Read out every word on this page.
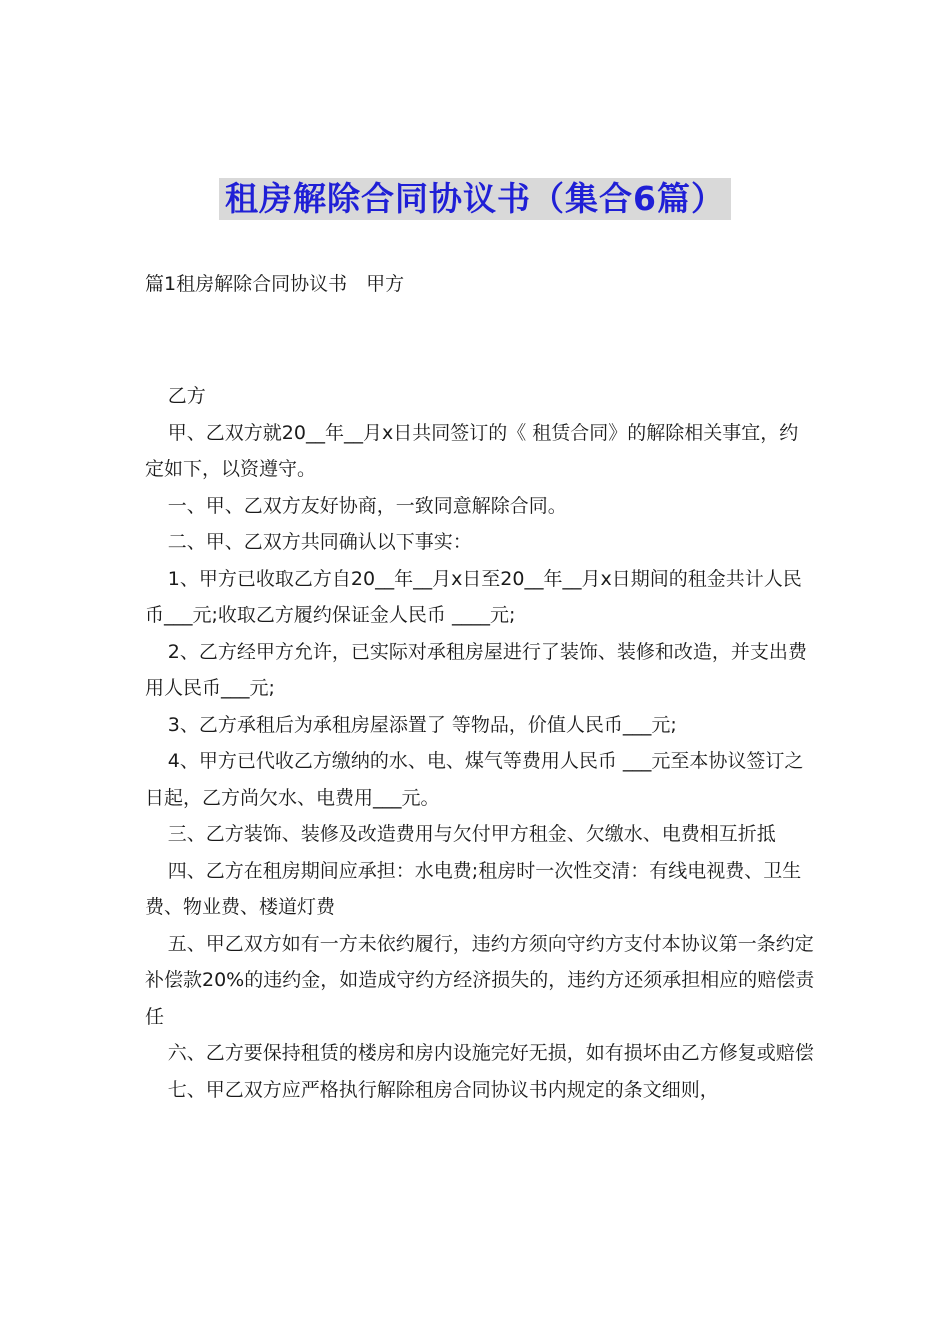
租房解除合同协议书（集合6篇）
篇1租房解除合同协议书　甲方

乙方

甲、乙双方就20__年__月x日共同签订的《 租赁合同》的解除相关事宜，约定如下，以资遵守。

一、甲、乙双方友好协商，一致同意解除合同。

二、甲、乙双方共同确认以下事实：

1、甲方已收取乙方自20__年__月x日至20__年__月x日期间的租金共计人民币___元;收取乙方履约保证金人民币 ____元;

2、乙方经甲方允许，已实际对承租房屋进行了装饰、装修和改造，并支出费用人民币___元;

3、乙方承租后为承租房屋添置了 等物品，价值人民币___元;

4、甲方已代收乙方缴纳的水、电、煤气等费用人民币 ___元至本协议签订之日起，乙方尚欠水、电费用___元。

三、乙方装饰、装修及改造费用与欠付甲方租金、欠缴水、电费相互折抵

四、乙方在租房期间应承担：水电费;租房时一次性交清：有线电视费、卫生费、物业费、楼道灯费

五、甲乙双方如有一方未依约履行，违约方须向守约方支付本协议第一条约定补偿款20%的违约金，如造成守约方经济损失的，违约方还须承担相应的赔偿责任

六、乙方要保持租赁的楼房和房内设施完好无损，如有损坏由乙方修复或赔偿

七、甲乙双方应严格执行解除租房合同协议书内规定的条文细则，
